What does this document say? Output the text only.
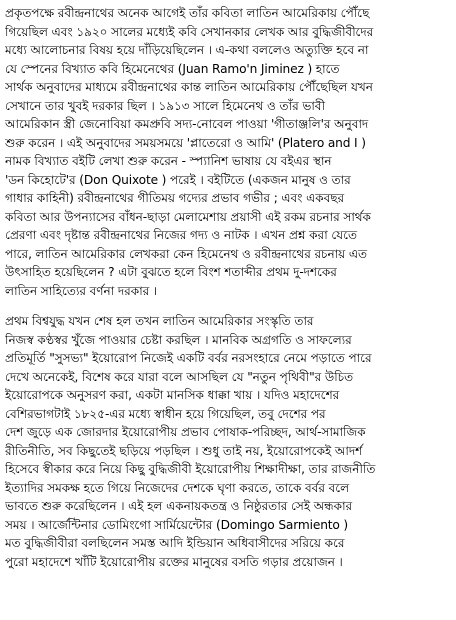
প্রকৃতপক্ষে রবীন্দ্রনাথের অনেক আগেই তাঁর কবিতা লাতিন আমেরিকায় পৌঁছে
গিয়েছিল এবং ১৯২০ সালের মধ্যেই কবি সেখানকার লেখক আর বুদ্ধিজীবীদের
মধ্যে আলোচনার বিষয় হয়ে দাঁড়িয়েছিলেন । এ-কথা বললেও অত্যুক্তি হবে না
যে স্পেনের বিখ্যাত কবি হিমেনেথের (Juan Ramo'n Jiminez ) হাতে
সার্থক অনুবাদের মাধ্যমে রবীন্দ্রনাথের কান্ত লাতিন আমেরিকায় পৌঁছেছিল যখন
সেখানে তার খুবই দরকার ছিল । ১৯১৩ সালে হিমেনেথ ও তাঁর ভাবী
আমেরিকান স্ত্রী জেনোবিয়া কমপ্রুবি সদ্য-নোবেল পাওয়া 'গীতাঞ্জলি'র অনুবাদ
শুরু করেন । এই অনুবাদের সময়সময়ে 'প্লাতেরো ও আমি' (Platero and I )
নামক বিখ্যাত বইটি লেখা শুরু করেন - স্প্যানিশ ভাষায় যে বইএর স্থান
'ডন কিহোটে'র (Don Quixote ) পরেই । বইটিতে (একজন মানুষ ও তার
গাধার কাহিনী) রবীন্দ্রনাথের গীতিময় গদ্যের প্রভাব গভীর ; এবং একবছর
কবিতা আর উপন্যাসের বাঁধন-ছাড়া মেলামেশায় প্রয়াসী এই রকম রচনার সার্থক
প্রেরণা এবং দৃষ্টান্ত রবীন্দ্রনাথের নিজের গদ্য ও নাটক । এখন প্রশ্ন করা যেতে
পারে, লাতিন আমেরিকার লেখকরা কেন হিমেনেথ ও রবীন্দ্রনাথের রচনায় এত
উৎসাহিত হয়েছিলেন ? এটা বুঝতে হলে বিংশ শতাব্দীর প্রথম দু-দশকের
লাতিন সাহিত্যের বর্ণনা দরকার ।
প্রথম বিশ্বযুদ্ধ যখন শেষ হল তখন লাতিন আমেরিকার সংস্কৃতি তার
নিজস্ব কণ্ঠস্বর খুঁজে পাওয়ার চেষ্টা করছিল । মানবিক অগ্রগতি ও সাফল্যের
প্রতিমূর্তি "সুসভ্য" ইয়োরোপ নিজেই একটি বর্বর নরসংহারে নেমে পড়াতে পারে
দেখে অনেকেই, বিশেষ করে যারা বলে আসছিল যে "নতুন পৃথিবী"র উচিত
ইয়োরোপকে অনুসরণ করা, একটা মানসিক ধাক্কা খায় । যদিও মহাদেশের
বেশিরভাগটাই ১৮২৫-এর মধ্যে স্বাধীন হয়ে গিয়েছিল, তবু দেশের পর
দেশ জুড়ে এক জোরদার ইয়োরোপীয় প্রভাব পোষাক-পরিচ্ছদ, আর্থ-সামাজিক
রীতিনীতি, সব কিছুতেই ছড়িয়ে পড়ছিল । শুধু তাই নয়, ইয়োরোপকেই আদর্শ
হিসেবে স্বীকার করে নিয়ে কিছু বুদ্ধিজীবী ইয়োরোপীয় শিক্ষাদীক্ষা, তার রাজনীতি
ইত্যাদির সমকক্ষ হতে গিয়ে নিজেদের দেশকে ঘৃণা করতে, তাকে বর্বর বলে
ভাবতে শুরু করেছিলেন । এই হল একনায়কতন্ত্র ও নিষ্ঠুরতার সেই অন্ধকার
সময় । আর্জেন্টিনার ডোমিংগো সার্মিয়েন্টোর (Domingo Sarmiento )
মত বুদ্ধিজীবীরা বলছিলেন সমস্ত আদি ইন্ডিয়ান অধিবাসীদের সরিয়ে করে
পুরো মহাদেশে খাঁটি ইয়োরোপীয় রক্তের মানুষের বসতি গড়ার প্রয়োজন ।
